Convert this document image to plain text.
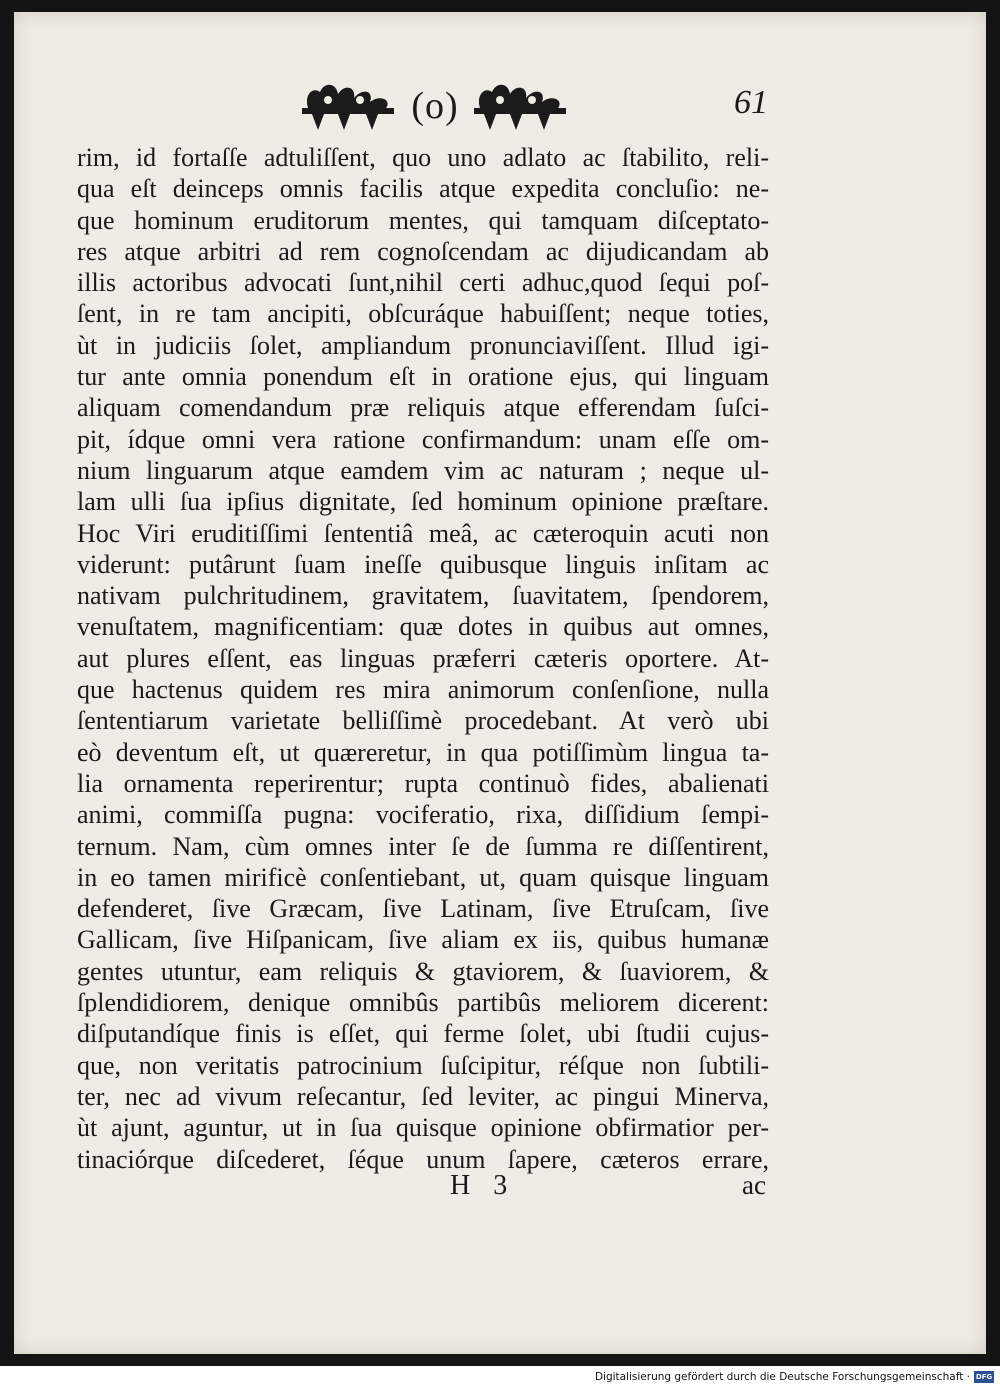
(o)	61
rim, id fortaſſe adtuliſſent, quo uno adlato ac ſtabilito, reli-
qua eſt deinceps omnis facilis atque expedita concluſio: ne-
que hominum eruditorum mentes, qui tamquam diſceptato-
res atque arbitri ad rem cognoſcendam ac dijudicandam ab
illis actoribus advocati ſunt,nihil certi adhuc,quod ſequi poſ-
ſent, in re tam ancipiti, obſcuráque habuiſſent; neque toties,
ùt in judiciis ſolet, ampliandum pronunciaviſſent. Illud igi-
tur ante omnia ponendum eſt in oratione ejus, qui linguam
aliquam comendandum præ reliquis atque efferendam ſuſci-
pit, ídque omni vera ratione confirmandum: unam eſſe om-
nium linguarum atque eamdem vim ac naturam ; neque ul-
lam ulli ſua ipſius dignitate, ſed hominum opinione præſtare.
Hoc Viri eruditiſſimi ſententiâ meâ, ac cæteroquin acuti non
viderunt: putârunt ſuam ineſſe quibusque linguis inſitam ac
nativam pulchritudinem, gravitatem, ſuavitatem, ſpendorem,
venuſtatem, magnificentiam: quæ dotes in quibus aut omnes,
aut plures eſſent, eas linguas præferri cæteris oportere. At-
que hactenus quidem res mira animorum conſenſione, nulla
ſententiarum varietate belliſſimè procedebant. At verò ubi
eò deventum eſt, ut quæreretur, in qua potiſſimùm lingua ta-
lia ornamenta reperirentur; rupta continuò fides, abalienati
animi, commiſſa pugna: vociferatio, rixa, diſſidium ſempi-
ternum. Nam, cùm omnes inter ſe de ſumma re diſſentirent,
in eo tamen mirificè conſentiebant, ut, quam quisque linguam
defenderet, ſive Græcam, ſive Latinam, ſive Etruſcam, ſive
Gallicam, ſive Hiſpanicam, ſive aliam ex iis, quibus humanæ
gentes utuntur, eam reliquis & gtaviorem, & ſuaviorem, &
ſplendidiorem, denique omnibûs partibûs meliorem dicerent:
diſputandíque finis is eſſet, qui ferme ſolet, ubi ſtudii cujus-
que, non veritatis patrocinium ſuſcipitur, réſque non ſubtili-
ter, nec ad vivum reſecantur, ſed leviter, ac pingui Minerva,
ùt ajunt, aguntur, ut in ſua quisque opinione obfirmatior per-
tinaciórque diſcederet, ſéque unum ſapere, cæteros errare,
H 3	ac
Digitalisierung gefördert durch die Deutsche Forschungsgemeinschaft · DFG
